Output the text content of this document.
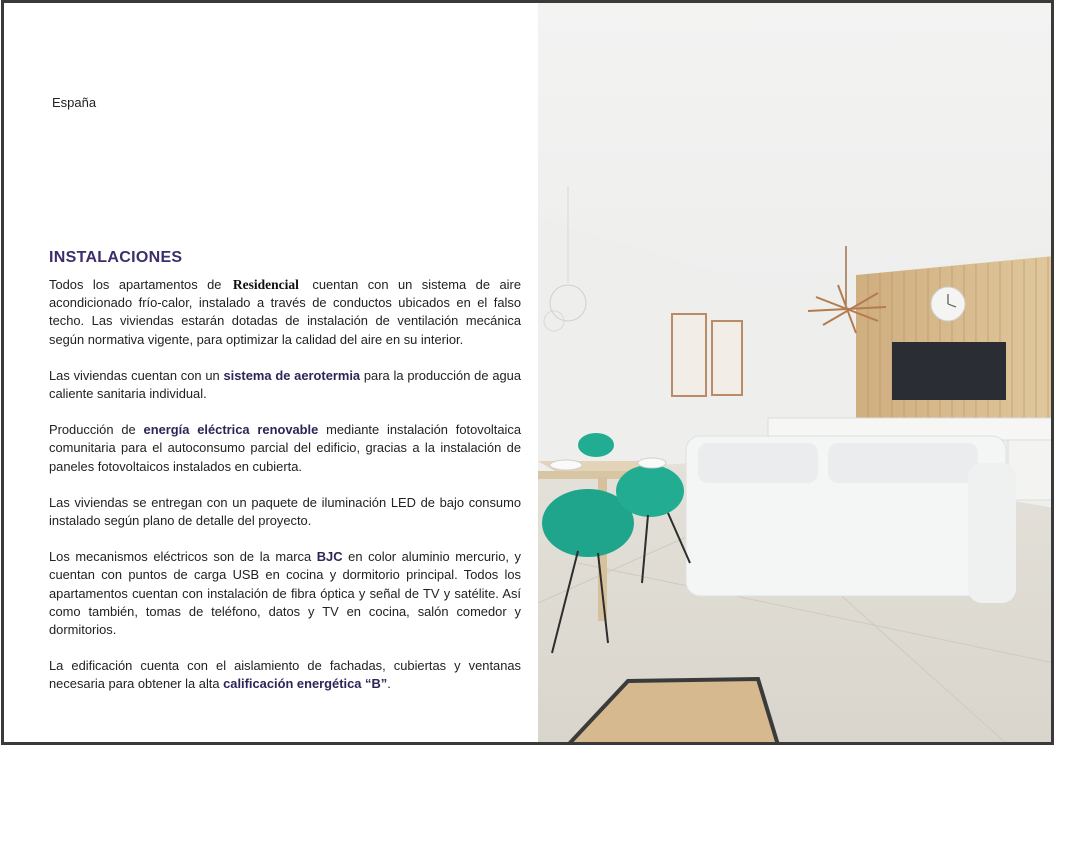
España
INSTALACIONES

Todos los apartamentos de Residencial cuentan con un sistema de aire acondicionado frío-calor, instalado a través de conductos ubicados en el falso techo. Las viviendas estarán dotadas de instalación de ventilación mecánica según normativa vigente, para optimizar la calidad del aire en su interior.

Las viviendas cuentan con un sistema de aerotermia para la producción de agua caliente sanitaria individual.

Producción de energía eléctrica renovable mediante instalación fotovoltaica comunitaria para el autoconsumo parcial del edificio, gracias a la instalación de paneles fotovoltaicos instalados en cubierta.

Las viviendas se entregan con un paquete de iluminación LED de bajo consumo instalado según plano de detalle del proyecto.

Los mecanismos eléctricos son de la marca BJC en color aluminio mercurio, y cuentan con puntos de carga USB en cocina y dormitorio principal. Todos los apartamentos cuentan con instalación de fibra óptica y señal de TV y satélite. Así como también, tomas de teléfono, datos y TV en cocina, salón comedor y dormitorios.

La edificación cuenta con el aislamiento de fachadas, cubiertas y ventanas necesaria para obtener la alta calificación energética “B”.
